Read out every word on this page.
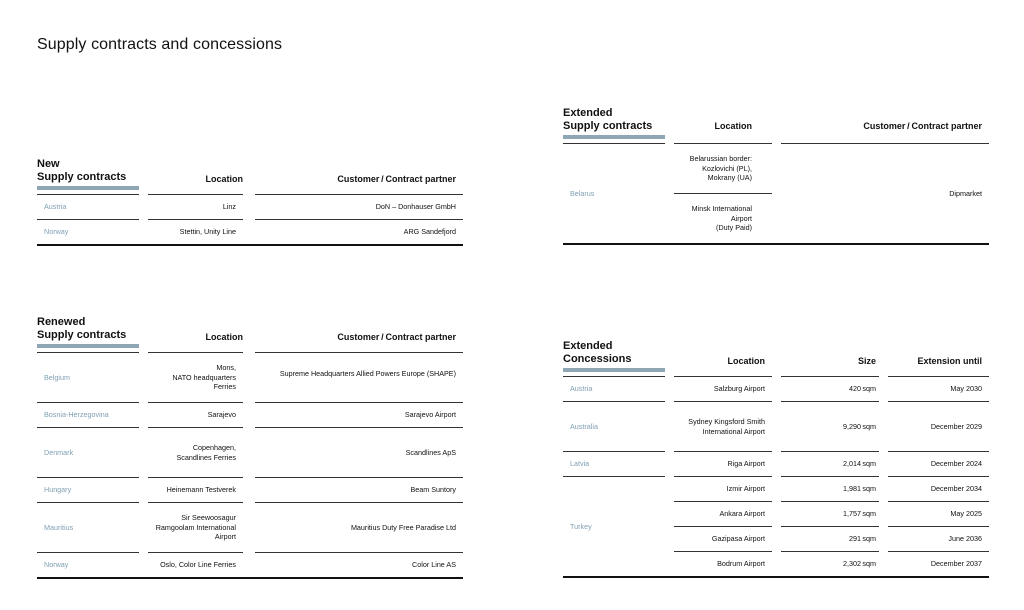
Supply contracts and concessions
New
Supply contracts		Location		Customer / Contract partner
Austria		Linz		DoN – Donhauser GmbH
Norway		Stettin, Unity Line		ARG Sandefjord
Renewed
Supply contracts		Location		Customer / Contract partner
Belgium		Mons,
NATO headquarters
Ferries		Supreme Headquarters Allied Powers Europe (SHAPE)
Bosnia-Herzegovina		Sarajevo		Sarajevo Airport
Denmark		Copenhagen,
Scandlines Ferries		Scandlines ApS
Hungary		Heinemann Testverek		Beam Suntory
Mauritius		Sir Seewoosagur
Ramgoolam International
Airport		Mauritius Duty Free Paradise Ltd
Norway		Oslo, Color Line Ferries		Color Line AS
Extended
Supply contracts		Location		Customer / Contract partner
Belarus		Belarussian border:
Kozlovichi (PL),
Mokrany (UA)		Dipmarket
		Minsk International Airport
(Duty Paid)		
Extended
Concessions		Location		Size		Extension until
Austria		Salzburg Airport		420 sqm		May 2030
Australia		Sydney Kingsford Smith
International Airport		9,290 sqm		December 2029
Latvia		Riga Airport		2,014 sqm		December 2024
Turkey		Izmir Airport		1,981 sqm		December 2034
		Ankara Airport		1,757 sqm		May 2025
		Gazipasa Airport		291 sqm		June 2036
		Bodrum Airport		2,302 sqm		December 2037
